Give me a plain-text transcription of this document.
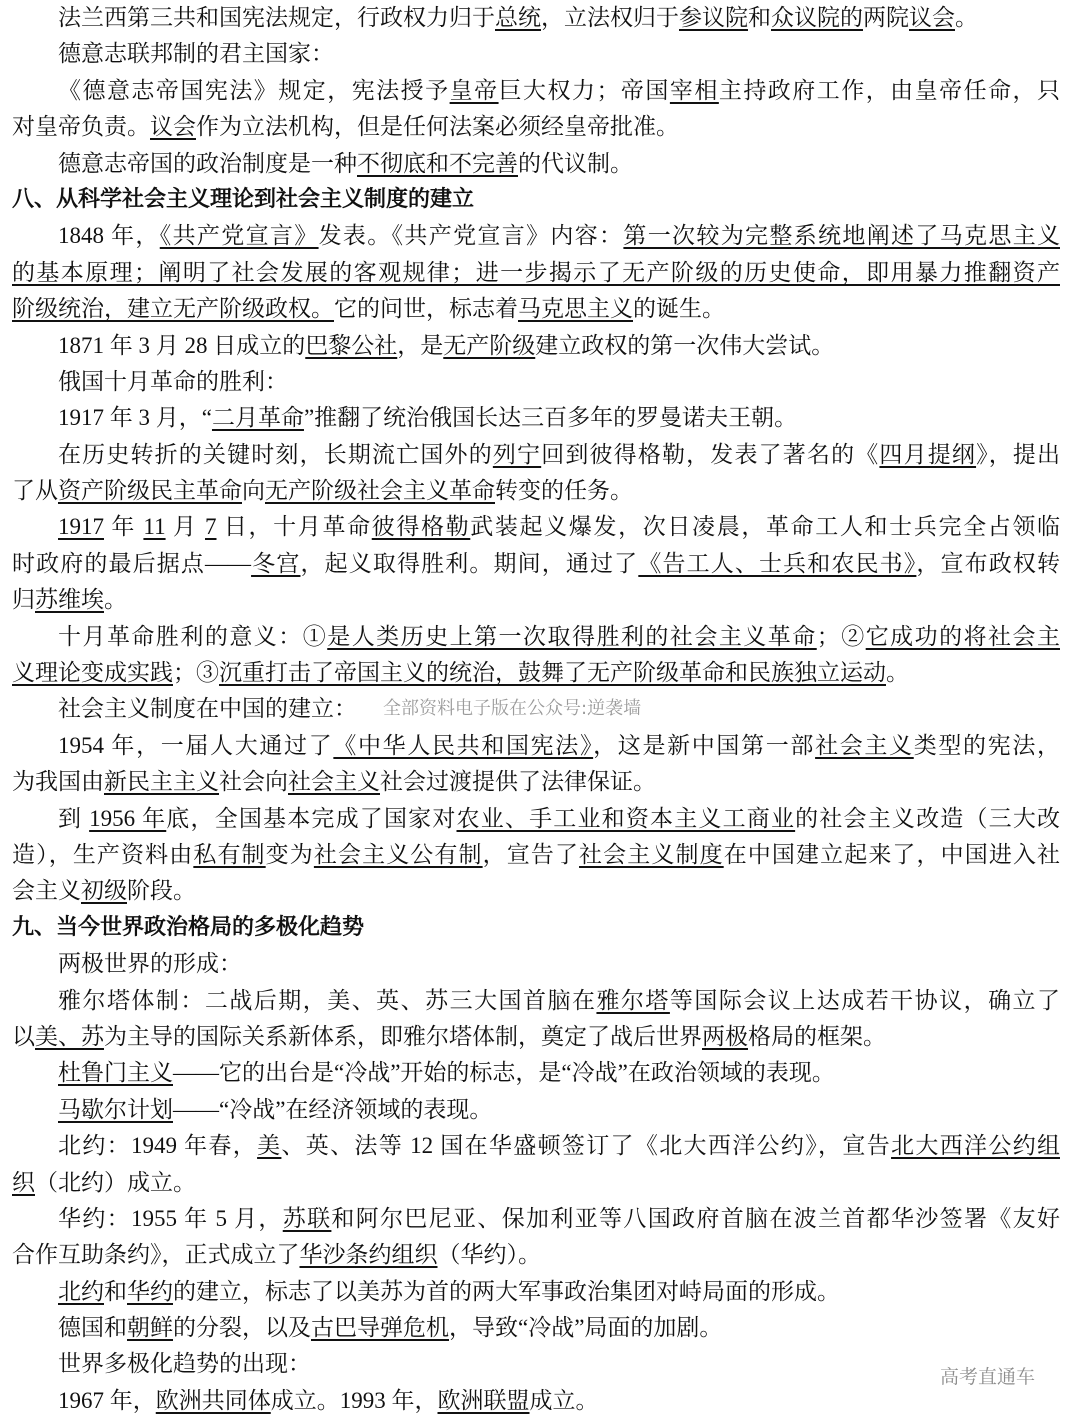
法兰西第三共和国宪法规定，行政权力归于总统，立法权归于参议院和众议院的两院议会。
德意志联邦制的君主国家：
《德意志帝国宪法》规定，宪法授予皇帝巨大权力；帝国宰相主持政府工作，由皇帝任命，只
对皇帝负责。议会作为立法机构，但是任何法案必须经皇帝批准。
德意志帝国的政治制度是一种不彻底和不完善的代议制。
八、从科学社会主义理论到社会主义制度的建立
1848 年，《共产党宣言》发表。《共产党宣言》内容：第一次较为完整系统地阐述了马克思主义
的基本原理；阐明了社会发展的客观规律；进一步揭示了无产阶级的历史使命，即用暴力推翻资产
阶级统治，建立无产阶级政权。它的问世，标志着马克思主义的诞生。
1871 年 3 月 28 日成立的巴黎公社，是无产阶级建立政权的第一次伟大尝试。
俄国十月革命的胜利：
1917 年 3 月，“二月革命”推翻了统治俄国长达三百多年的罗曼诺夫王朝。
在历史转折的关键时刻，长期流亡国外的列宁回到彼得格勒，发表了著名的《四月提纲》，提出
了从资产阶级民主革命向无产阶级社会主义革命转变的任务。
1917 年 11 月 7 日，十月革命彼得格勒武装起义爆发，次日凌晨，革命工人和士兵完全占领临
时政府的最后据点——冬宫，起义取得胜利。期间，通过了《告工人、士兵和农民书》，宣布政权转
归苏维埃。
十月革命胜利的意义：①是人类历史上第一次取得胜利的社会主义革命；②它成功的将社会主
义理论变成实践；③沉重打击了帝国主义的统治，鼓舞了无产阶级革命和民族独立运动。
社会主义制度在中国的建立：
1954 年，一届人大通过了《中华人民共和国宪法》，这是新中国第一部社会主义类型的宪法，
为我国由新民主主义社会向社会主义社会过渡提供了法律保证。
到 1956 年底，全国基本完成了国家对农业、手工业和资本主义工商业的社会主义改造（三大改
造），生产资料由私有制变为社会主义公有制，宣告了社会主义制度在中国建立起来了，中国进入社
会主义初级阶段。
九、当今世界政治格局的多极化趋势
两极世界的形成：
雅尔塔体制：二战后期，美、英、苏三大国首脑在雅尔塔等国际会议上达成若干协议，确立了
以美、苏为主导的国际关系新体系，即雅尔塔体制，奠定了战后世界两极格局的框架。
杜鲁门主义——它的出台是“冷战”开始的标志，是“冷战”在政治领域的表现。
马歇尔计划——“冷战”在经济领域的表现。
北约：1949 年春，美、英、法等 12 国在华盛顿签订了《北大西洋公约》，宣告北大西洋公约组
织（北约）成立。
华约：1955 年 5 月，苏联和阿尔巴尼亚、保加利亚等八国政府首脑在波兰首都华沙签署《友好
合作互助条约》，正式成立了华沙条约组织（华约）。
北约和华约的建立，标志了以美苏为首的两大军事政治集团对峙局面的形成。
德国和朝鲜的分裂，以及古巴导弹危机，导致“冷战”局面的加剧。
世界多极化趋势的出现：
1967 年，欧洲共同体成立。1993 年，欧洲联盟成立。
全部资料电子版在公众号:逆袭墙
高考直通车
